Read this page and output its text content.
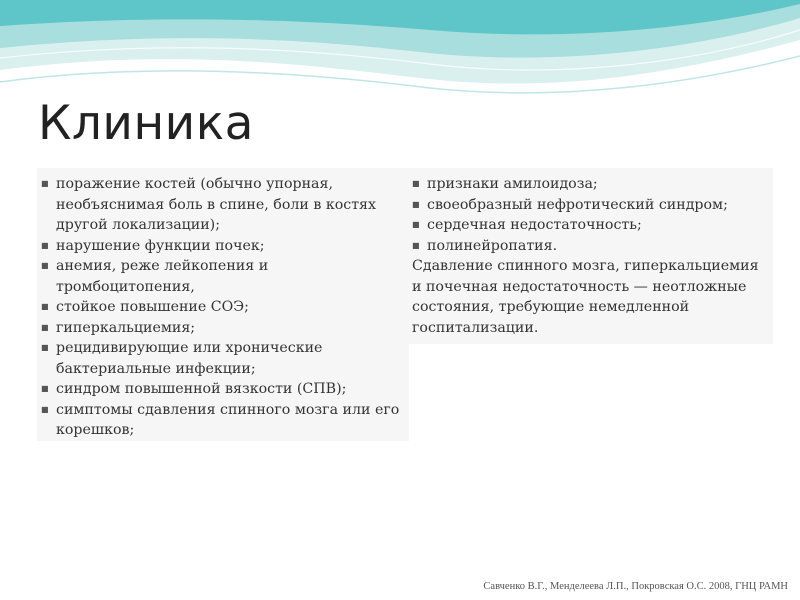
Клиника
■ поражение костей (обычно упорная, необъяснимая боль в спине, боли в костях другой локализации);
■ нарушение функции почек;
■ анемия, реже лейкопения и тромбоцитопения,
■ стойкое повышение СОЭ;
■ гиперкальциемия;
■ рецидивирующие или хронические бактериальные инфекции;
■ синдром повышенной вязкости (СПВ);
■ симптомы сдавления спинного мозга или его корешков;
■ признаки амилоидоза;
■ своеобразный нефротический синдром;
■ сердечная недостаточность;
■ полинейропатия.

Сдавление спинного мозга, гиперкальциемия и почечная недостаточность — неотложные состояния, требующие немедленной госпитализации.

Савченко В.Г., Менделеева Л.П., Покровская О.С. 2008, ГНЦ РАМН
